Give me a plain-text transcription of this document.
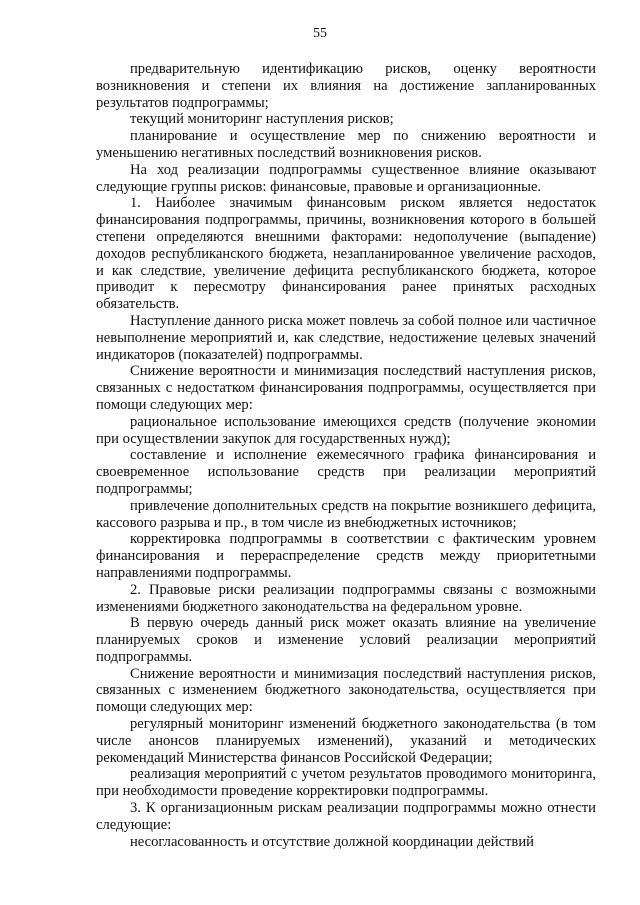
55

предварительную идентификацию рисков, оценку вероятности возникновения и степени их влияния на достижение запланированных результатов подпрограммы;

текущий мониторинг наступления рисков;

планирование и осуществление мер по снижению вероятности и уменьшению негативных последствий возникновения рисков.

На ход реализации подпрограммы существенное влияние оказывают следующие группы рисков: финансовые, правовые и организационные.

1. Наиболее значимым финансовым риском является недостаток финансирования подпрограммы, причины, возникновения которого в большей степени определяются внешними факторами: недополучение (выпадение) доходов республиканского бюджета, незапланированное увеличение расходов, и как следствие, увеличение дефицита республиканского бюджета, которое приводит к пересмотру финансирования ранее принятых расходных обязательств.

Наступление данного риска может повлечь за собой полное или частичное невыполнение мероприятий и, как следствие, недостижение целевых значений индикаторов (показателей) подпрограммы.

Снижение вероятности и минимизация последствий наступления рисков, связанных с недостатком финансирования подпрограммы, осуществляется при помощи следующих мер:

рациональное использование имеющихся средств (получение экономии при осуществлении закупок для государственных нужд);

составление и исполнение ежемесячного графика финансирования и своевременное использование средств при реализации мероприятий подпрограммы;

привлечение дополнительных средств на покрытие возникшего дефицита, кассового разрыва и пр., в том числе из внебюджетных источников;

корректировка подпрограммы в соответствии с фактическим уровнем финансирования и перераспределение средств между приоритетными направлениями подпрограммы.

2. Правовые риски реализации подпрограммы связаны с возможными изменениями бюджетного законодательства на федеральном уровне.

В первую очередь данный риск может оказать влияние на увеличение планируемых сроков и изменение условий реализации мероприятий подпрограммы.

Снижение вероятности и минимизация последствий наступления рисков, связанных с изменением бюджетного законодательства, осуществляется при помощи следующих мер:

регулярный мониторинг изменений бюджетного законодательства (в том числе анонсов планируемых изменений), указаний и методических рекомендаций Министерства финансов Российской Федерации;

реализация мероприятий с учетом результатов проводимого мониторинга, при необходимости проведение корректировки подпрограммы.

3. К организационным рискам реализации подпрограммы можно отнести следующие:

несогласованность и отсутствие должной координации действий
